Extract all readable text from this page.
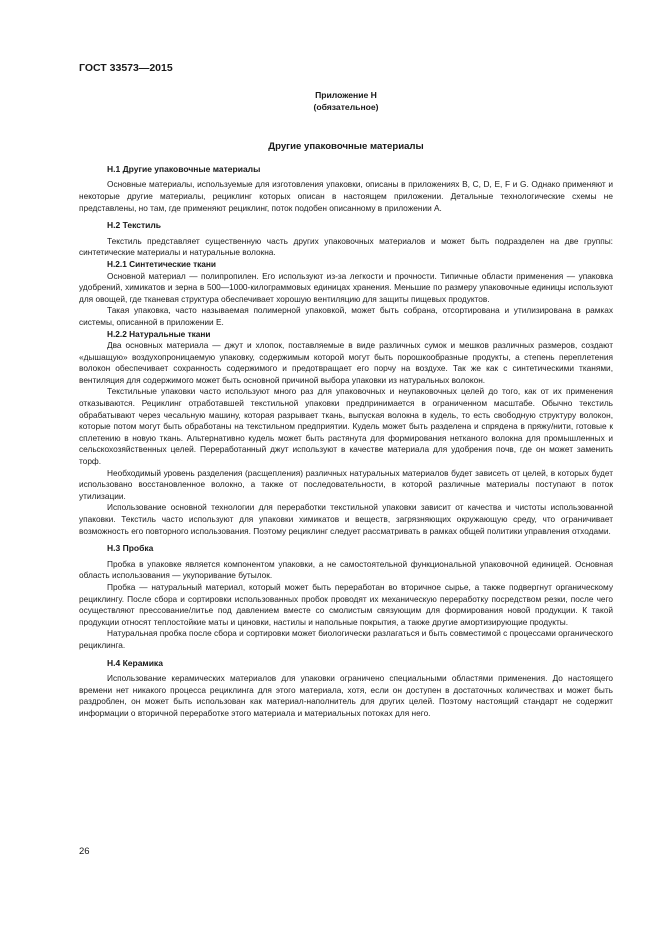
ГОСТ 33573—2015
Приложение Н
(обязательное)
Другие упаковочные материалы
Н.1 Другие упаковочные материалы

Основные материалы, используемые для изготовления упаковки, описаны в приложениях В, С, D, Е, F и G. Однако применяют и некоторые другие материалы, рециклинг которых описан в настоящем приложении. Детальные технологические схемы не представлены, но там, где применяют рециклинг, поток подобен описанному в приложении А.

Н.2 Текстиль

Текстиль представляет существенную часть других упаковочных материалов и может быть подразделен на две группы: синтетические материалы и натуральные волокна.

Н.2.1 Синтетические ткани

Основной материал — полипропилен. Его используют из-за легкости и прочности. Типичные области применения — упаковка удобрений, химикатов и зерна в 500—1000-килограммовых единицах хранения. Меньшие по размеру упаковочные единицы используют для овощей, где тканевая структура обеспечивает хорошую вентиляцию для защиты пищевых продуктов.

Такая упаковка, часто называемая полимерной упаковкой, может быть собрана, отсортирована и утилизирована в рамках системы, описанной в приложении Е.

Н.2.2 Натуральные ткани

Два основных материала — джут и хлопок, поставляемые в виде различных сумок и мешков различных размеров, создают «дышащую» воздухопроницаемую упаковку, содержимым которой могут быть порошкообразные продукты, а степень переплетения волокон обеспечивает сохранность содержимого и предотвращает его порчу на воздухе. Так же как с синтетическими тканями, вентиляция для содержимого может быть основной причиной выбора упаковки из натуральных волокон.

Текстильные упаковки часто используют много раз для упаковочных и неупаковочных целей до того, как от их применения отказываются. Рециклинг отработавшей текстильной упаковки предпринимается в ограниченном масштабе. Обычно текстиль обрабатывают через чесальную машину, которая разрывает ткань, выпуская волокна в кудель, то есть свободную структуру волокон, которые потом могут быть обработаны на текстильном предприятии. Кудель может быть разделена и спрядена в пряжу/нити, готовые к сплетению в новую ткань. Альтернативно кудель может быть растянута для формирования нетканого волокна для промышленных и сельскохозяйственных целей. Переработанный джут используют в качестве материала для удобрения почв, где он может заменить торф.

Необходимый уровень разделения (расщепления) различных натуральных материалов будет зависеть от целей, в которых будет использовано восстановленное волокно, а также от последовательности, в которой различные материалы поступают в поток утилизации.

Использование основной технологии для переработки текстильной упаковки зависит от качества и чистоты использованной упаковки. Текстиль часто используют для упаковки химикатов и веществ, загрязняющих окружающую среду, что ограничивает возможность его повторного использования. Поэтому рециклинг следует рассматривать в рамках общей политики управления отходами.

Н.3 Пробка

Пробка в упаковке является компонентом упаковки, а не самостоятельной функциональной упаковочной единицей. Основная область использования — укупоривание бутылок.

Пробка — натуральный материал, который может быть переработан во вторичное сырье, а также подвергнут органическому рециклингу. После сбора и сортировки использованных пробок проводят их механическую переработку посредством резки, после чего осуществляют прессование/литье под давлением вместе со смолистым связующим для формирования новой продукции. К такой продукции относят теплостойкие маты и циновки, настилы и напольные покрытия, а также другие амортизирующие продукты.

Натуральная пробка после сбора и сортировки может биологически разлагаться и быть совместимой с процессами органического рециклинга.

Н.4 Керамика

Использование керамических материалов для упаковки ограничено специальными областями применения. До настоящего времени нет никакого процесса рециклинга для этого материала, хотя, если он доступен в достаточных количествах и может быть раздроблен, он может быть использован как материал-наполнитель для других целей. Поэтому настоящий стандарт не содержит информации о вторичной переработке этого материала и материальных потоках для него.

26
